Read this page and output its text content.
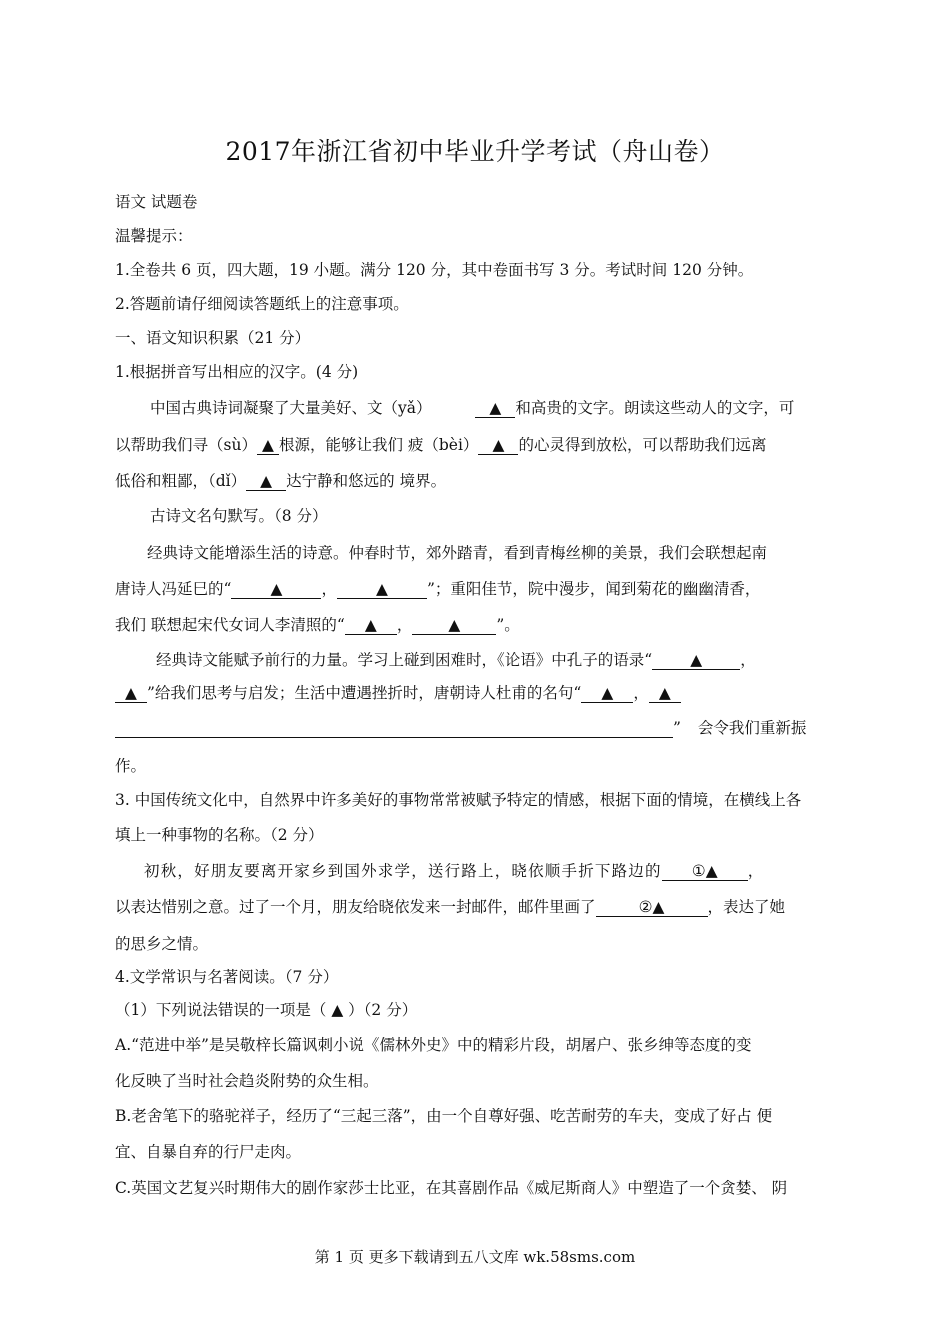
2017年浙江省初中毕业升学考试（舟山卷）
语文 试题卷
温馨提示：
1.全卷共 6 页，四大题，19 小题。满分 120 分，其中卷面书写 3 分。考试时间 120 分钟。
2.答题前请仔细阅读答题纸上的注意事项。
一、语文知识积累（21 分）
1.根据拼音写出相应的汉字。(4 分)
中国古典诗词凝聚了大量美好、文（yǎ）	▲ 和高贵的文字。朗读这些动人的文字，可
以帮助我们寻（sù） ▲ 根源，能够让我们 疲（bèi） ▲ 的心灵得到放松，可以帮助我们远离
低俗和粗鄙，（dǐ） ▲ 达宁静和悠远的 境界。
古诗文名句默写。（8 分）
经典诗文能增添生活的诗意。仲春时节，郊外踏青，看到青梅丝柳的美景，我们会联想起南
唐诗人冯延巳的“	▲	，	▲	”；重阳佳节，院中漫步，闻到菊花的幽幽清香，
我们 联想起宋代女词人李清照的“ ▲ ， ▲ ”。
经典诗文能赋予前行的力量。学习上碰到困难时，《论语》中孔子的语录“ ▲ ，
▲ ”给我们思考与启发；生活中遭遇挫折时，唐朝诗人杜甫的名句“ ▲ ， ▲
” 会令我们重新振
作。
3. 中国传统文化中，自然界中许多美好的事物常常被赋予特定的情感，根据下面的情境，在横线上各
填上一种事物的名称。（2 分）
初秋，好朋友要离开家乡到国外求学，送行路上，晓依顺手折下路边的 ①▲ ，
以表达惜别之意。过了一个月，朋友给晓依发来一封邮件，邮件里画了	②▲	，表达了她
的思乡之情。
4.文学常识与名著阅读。（7 分）
（1）下列说法错误的一项是（ ▲ ）（2 分）
A.“范进中举”是吴敬梓长篇讽刺小说《儒林外史》中的精彩片段，胡屠户、张乡绅等态度的变
化反映了当时社会趋炎附势的众生相。
B.老舍笔下的骆驼祥子，经历了“三起三落”，由一个自尊好强、吃苦耐劳的车夫，变成了好占 便
宜、自暴自弃的行尸走肉。
C.英国文艺复兴时期伟大的剧作家莎士比亚，在其喜剧作品《威尼斯商人》中塑造了一个贪婪、 阴
第 1 页 更多下载请到五八文库 wk.58sms.com
